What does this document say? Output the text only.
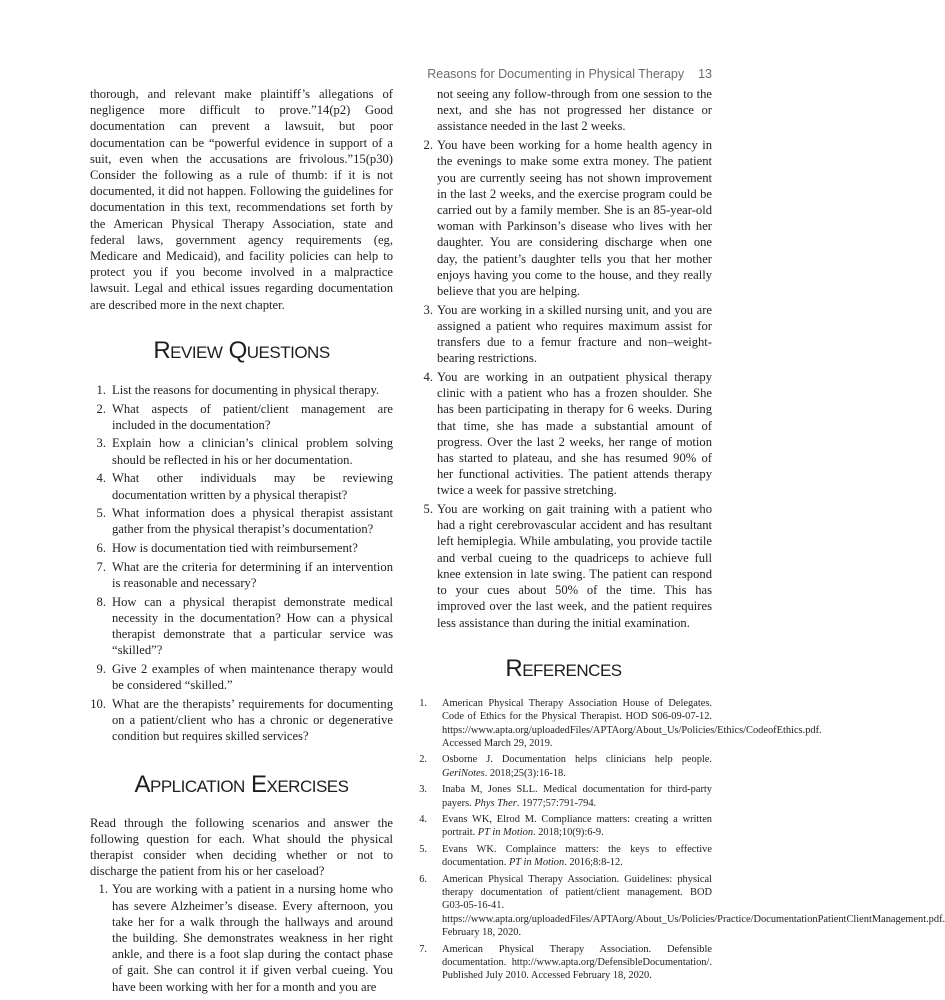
Reasons for Documenting in Physical Therapy 13

thorough, and relevant make plaintiff’s allegations of negligence more difficult to prove.”14(p2) Good documentation can prevent a lawsuit, but poor documentation can be “powerful evidence in support of a suit, even when the accusations are frivolous.”15(p30) Consider the following as a rule of thumb: if it is not documented, it did not happen. Following the guidelines for documentation in this text, recommendations set forth by the American Physical Therapy Association, state and federal laws, government agency requirements (eg, Medicare and Medicaid), and facility policies can help to protect you if you become involved in a malpractice lawsuit. Legal and ethical issues regarding documentation are described more in the next chapter.

Review Questions
1. List the reasons for documenting in physical therapy.
2. What aspects of patient/client management are included in the documentation?
3. Explain how a clinician’s clinical problem solving should be reflected in his or her documentation.
4. What other individuals may be reviewing documentation written by a physical therapist?
5. What information does a physical therapist assistant gather from the physical therapist’s documentation?
6. How is documentation tied with reimbursement?
7. What are the criteria for determining if an intervention is reasonable and necessary?
8. How can a physical therapist demonstrate medical necessity in the documentation? How can a physical therapist demonstrate that a particular service was “skilled”?
9. Give 2 examples of when maintenance therapy would be considered “skilled.”
10. What are the therapists’ requirements for documenting on a patient/client who has a chronic or degenerative condition but requires skilled services?
Application Exercises

Read through the following scenarios and answer the following question for each. What should the physical therapist consider when deciding whether or not to discharge the patient from his or her caseload?

1. You are working with a patient in a nursing home who has severe Alzheimer’s disease. Every afternoon, you take her for a walk through the hallways and around the building. She demonstrates weakness in her right ankle, and there is a foot slap during the contact phase of gait. She can control it if given verbal cueing. You have been working with her for a month and you are

not seeing any follow-through from one session to the next, and she has not progressed her distance or assistance needed in the last 2 weeks.

2. You have been working for a home health agency in the evenings to make some extra money. The patient you are currently seeing has not shown improvement in the last 2 weeks, and the exercise program could be carried out by a family member. She is an 85-year-old woman with Parkinson’s disease who lives with her daughter. You are considering discharge when one day, the patient’s daughter tells you that her mother enjoys having you come to the house, and they really believe that you are helping.
3. You are working in a skilled nursing unit, and you are assigned a patient who requires maximum assist for transfers due to a femur fracture and non–weight-bearing restrictions.
4. You are working in an outpatient physical therapy clinic with a patient who has a frozen shoulder. She has been participating in therapy for 6 weeks. During that time, she has made a substantial amount of progress. Over the last 2 weeks, her range of motion has started to plateau, and she has resumed 90% of her functional activities. The patient attends therapy twice a week for passive stretching.
5. You are working on gait training with a patient who had a right cerebrovascular accident and has resultant left hemiplegia. While ambulating, you provide tactile and verbal cueing to the quadriceps to achieve full knee extension in late swing. The patient can respond to your cues about 50% of the time. This has improved over the last week, and the patient requires less assistance than during the initial examination.
References
1. American Physical Therapy Association House of Delegates. Code of Ethics for the Physical Therapist. HOD S06-09-07-12. https://www.apta.org/uploadedFiles/APTAorg/About_Us/Policies/Ethics/CodeofEthics.pdf. Accessed March 29, 2019.
2. Osborne J. Documentation helps clinicians help people. GeriNotes. 2018;25(3):16-18.
3. Inaba M, Jones SLL. Medical documentation for third-party payers. Phys Ther. 1977;57:791-794.
4. Evans WK, Elrod M. Compliance matters: creating a written portrait. PT in Motion. 2018;10(9):6-9.
5. Evans WK. Complaince matters: the keys to effective documentation. PT in Motion. 2016;8:8-12.
6. American Physical Therapy Association. Guidelines: physical therapy documentation of patient/client management. BOD G03-05-16-41. https://www.apta.org/uploadedFiles/APTAorg/About_Us/Policies/Practice/DocumentationPatientClientManagement.pdf. February 18, 2020.
7. American Physical Therapy Association. Defensible documentation. http://www.apta.org/DefensibleDocumentation/. Published July 2010. Accessed February 18, 2020.
